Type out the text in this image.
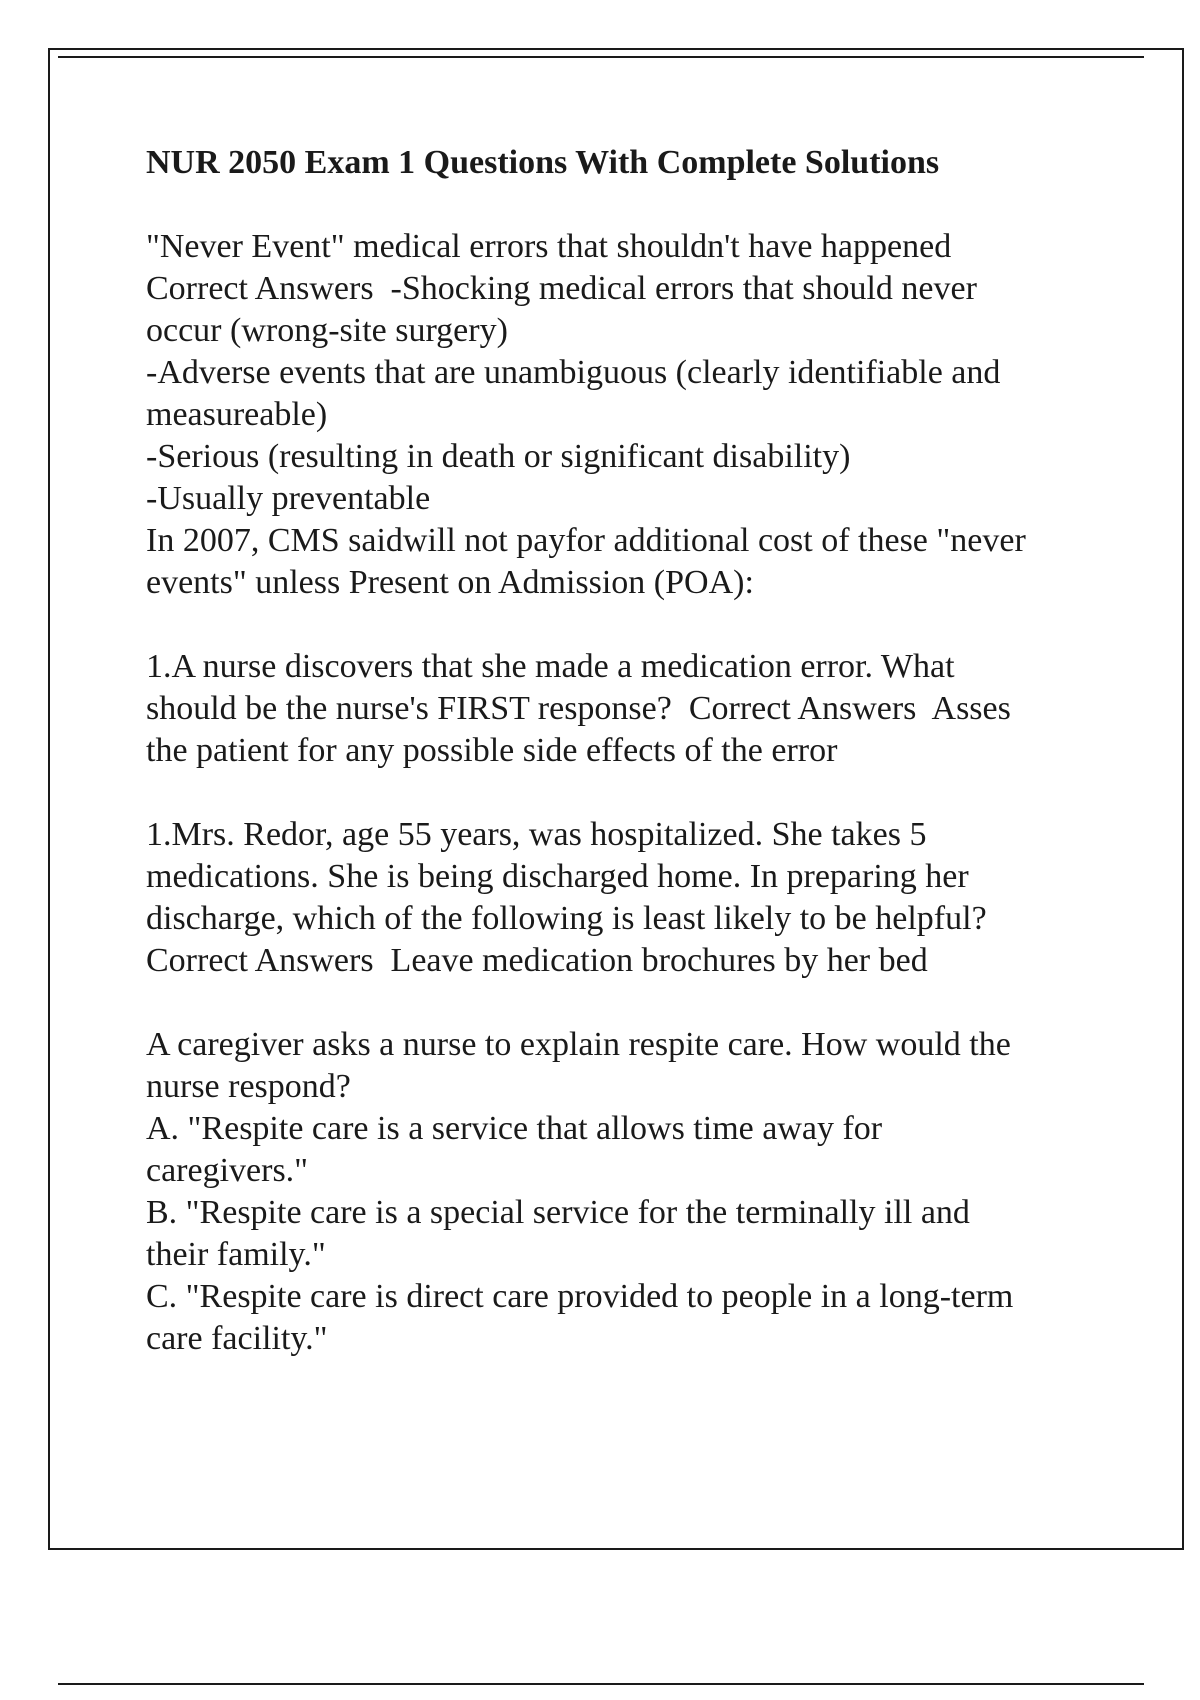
NUR 2050 Exam 1 Questions With Complete Solutions
"Never Event" medical errors that shouldn't have happened
Correct Answers  -Shocking medical errors that should never
occur (wrong-site surgery)
-Adverse events that are unambiguous (clearly identifiable and
measureable)
-Serious (resulting in death or significant disability)
-Usually preventable
In 2007, CMS saidwill not payfor additional cost of these "never
events" unless Present on Admission (POA):
1.A nurse discovers that she made a medication error. What
should be the nurse's FIRST response?  Correct Answers  Asses
the patient for any possible side effects of the error
1.Mrs. Redor, age 55 years, was hospitalized. She takes 5
medications. She is being discharged home. In preparing her
discharge, which of the following is least likely to be helpful?
Correct Answers  Leave medication brochures by her bed
A caregiver asks a nurse to explain respite care. How would the
nurse respond?
A. "Respite care is a service that allows time away for
caregivers."
B. "Respite care is a special service for the terminally ill and
their family."
C. "Respite care is direct care provided to people in a long-term
care facility."
